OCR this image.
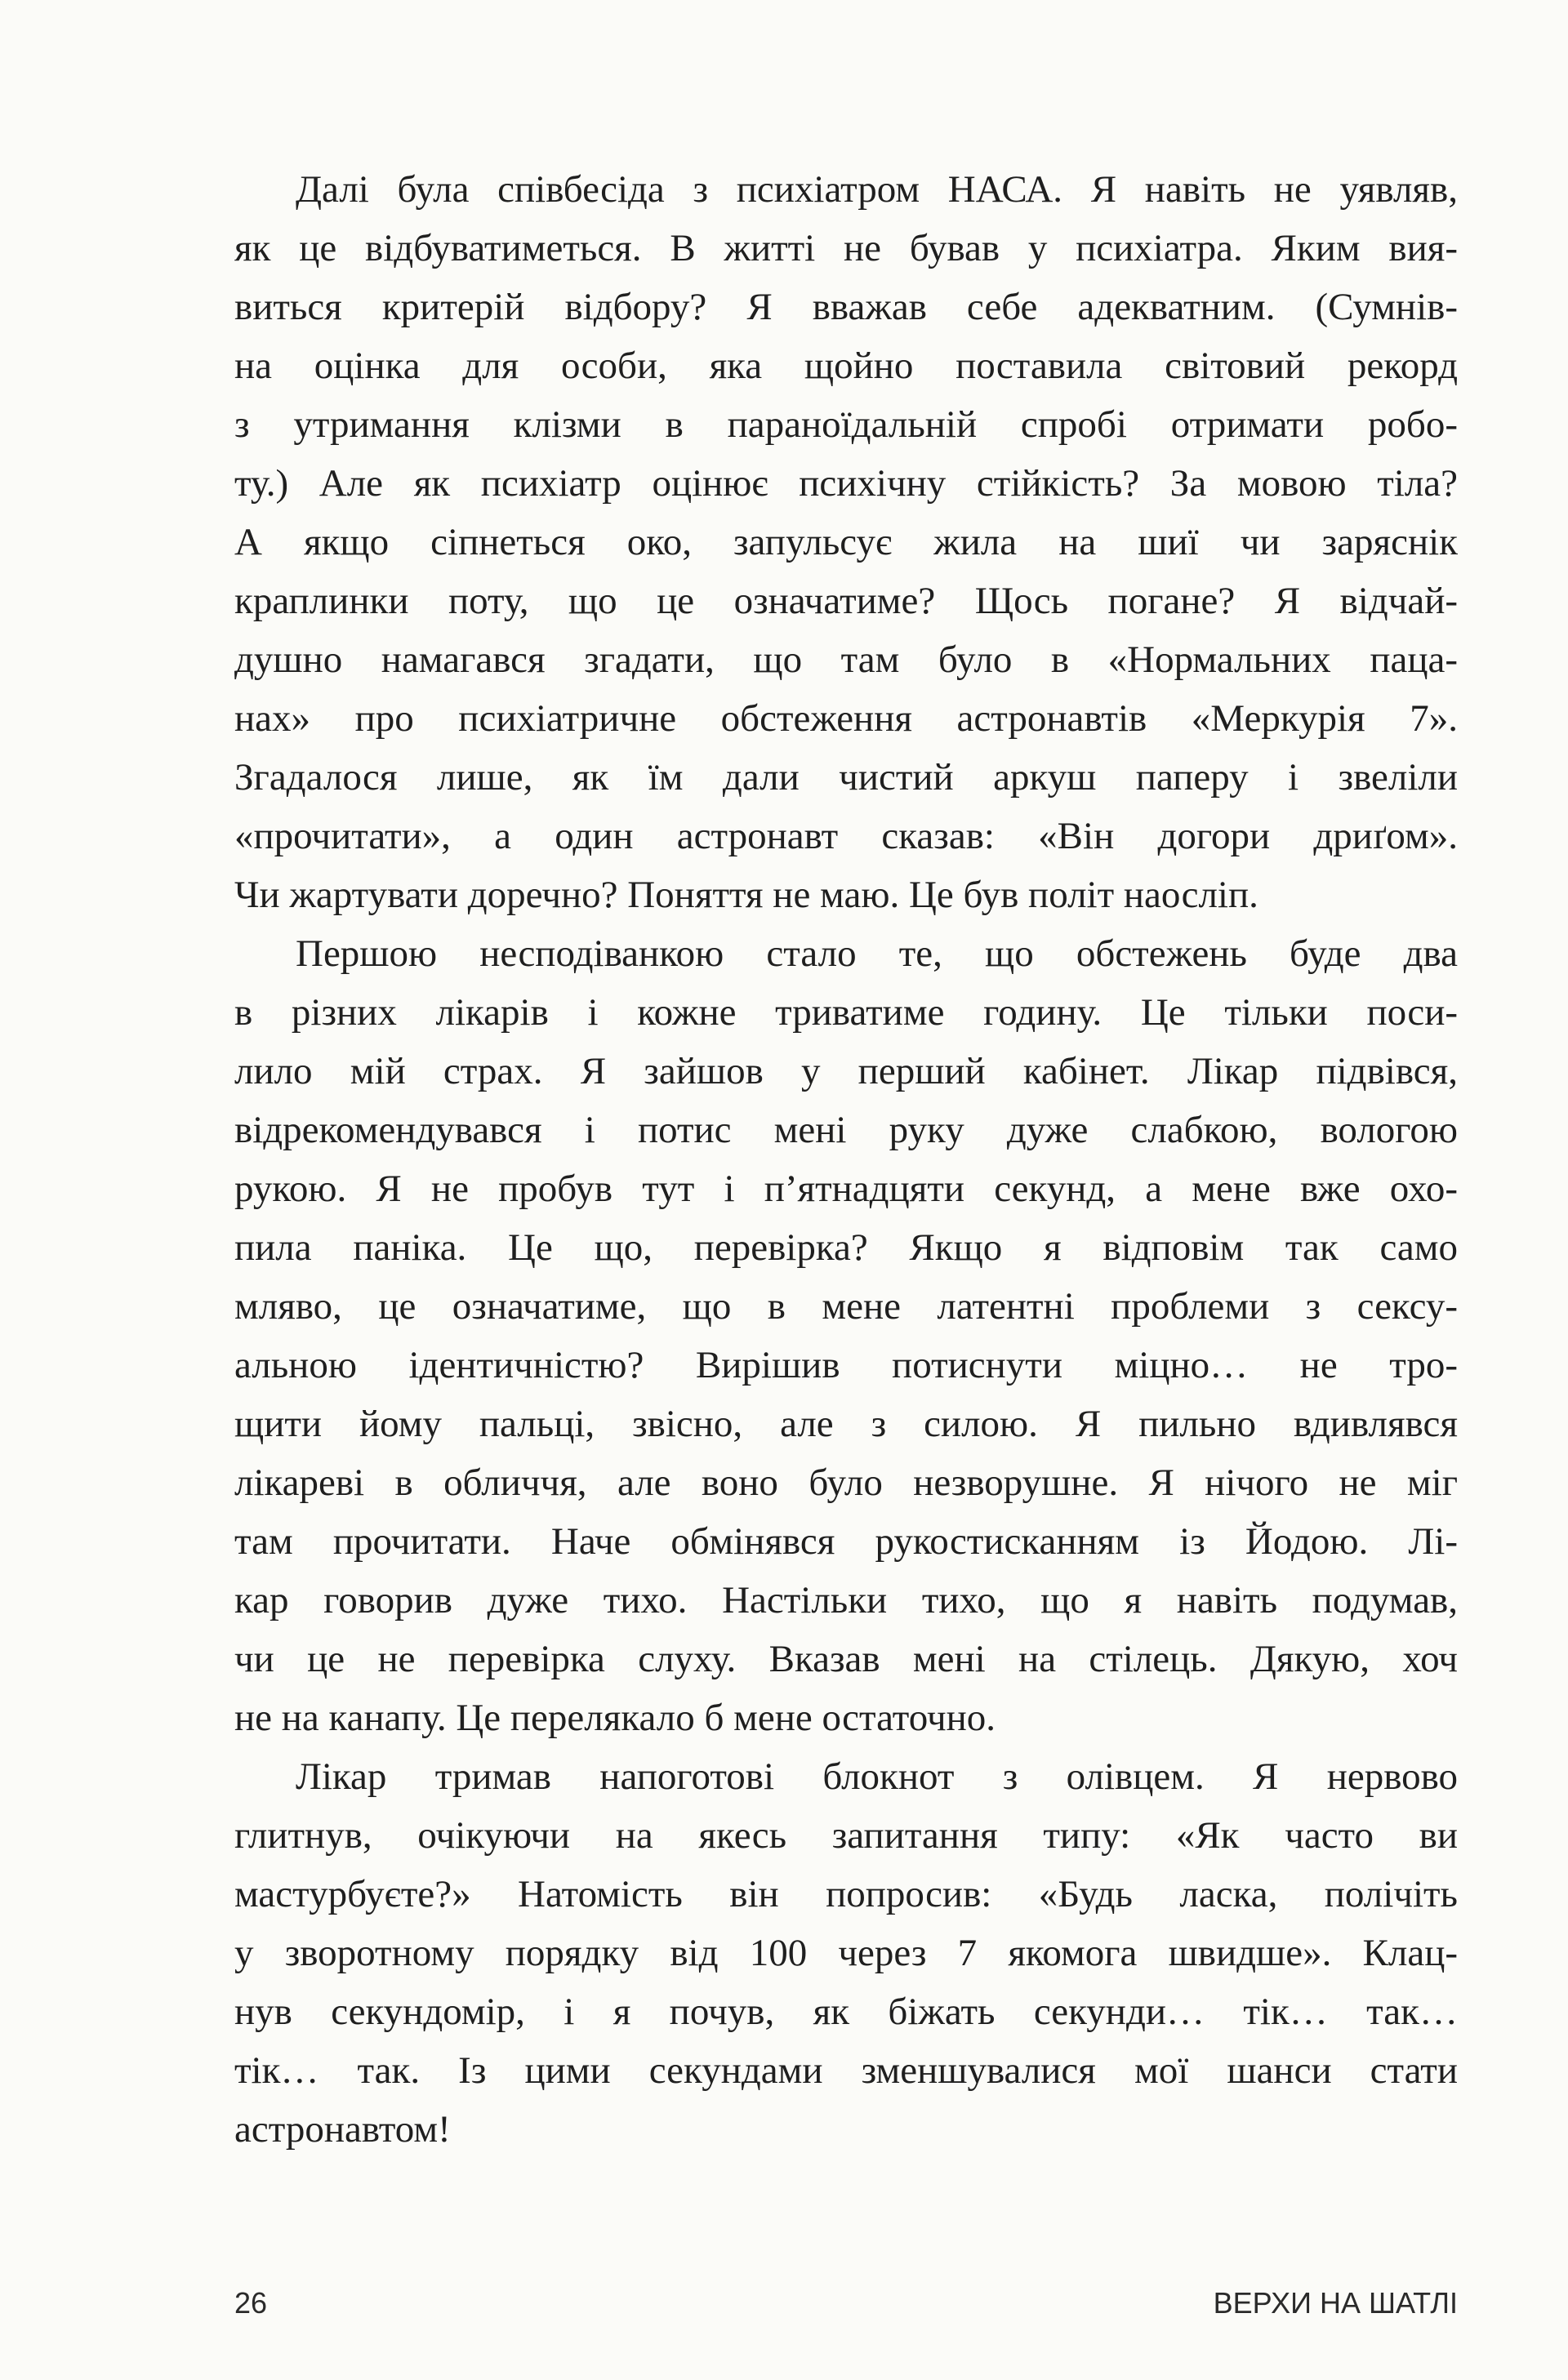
Далі була співбесіда з психіатром НАСА. Я навіть не уявляв,
як це відбуватиметься. В житті не бував у психіатра. Яким вия-
виться критерій відбору? Я вважав себе адекватним. (Сумнів-
на оцінка для особи, яка щойно поставила світовий рекорд
з утримання клізми в параноїдальній спробі отримати робо-
ту.) Але як психіатр оцінює психічну стійкість? За мовою тіла?
А якщо сіпнеться око, запульсує жила на шиї чи заряснік
краплинки поту, що це означатиме? Щось погане? Я відчай-
душно намагався згадати, що там було в «Нормальних паца-
нах» про психіатричне обстеження астронавтів «Меркурія 7».
Згадалося лише, як їм дали чистий аркуш паперу і звеліли
«прочитати», а один астронавт сказав: «Він догори дриґом».
Чи жартувати доречно? Поняття не маю. Це був політ наосліп.
Першою несподіванкою стало те, що обстежень буде два
в різних лікарів і кожне триватиме годину. Це тільки поси-
лило мій страх. Я зайшов у перший кабінет. Лікар підвівся,
відрекомендувався і потис мені руку дуже слабкою, вологою
рукою. Я не пробув тут і п’ятнадцяти секунд, а мене вже охо-
пила паніка. Це що, перевірка? Якщо я відповім так само
мляво, це означатиме, що в мене латентні проблеми з сексу-
альною ідентичністю? Вирішив потиснути міцно… не тро-
щити йому пальці, звісно, але з силою. Я пильно вдивлявся
лікареві в обличчя, але воно було незворушне. Я нічого не міг
там прочитати. Наче обмінявся рукостисканням із Йодою. Лі-
кар говорив дуже тихо. Настільки тихо, що я навіть подумав,
чи це не перевірка слуху. Вказав мені на стілець. Дякую, хоч
не на канапу. Це перелякало б мене остаточно.
Лікар тримав напоготові блокнот з олівцем. Я нервово
глитнув, очікуючи на якесь запитання типу: «Як часто ви
мастурбуєте?» Натомість він попросив: «Будь ласка, полічіть
у зворотному порядку від 100 через 7 якомога швидше». Клац-
нув секундомір, і я почув, як біжать секунди… тік… так…
тік… так. Із цими секундами зменшувалися мої шанси стати
астронавтом!
26	ВЕРХИ НА ШАТЛІ
